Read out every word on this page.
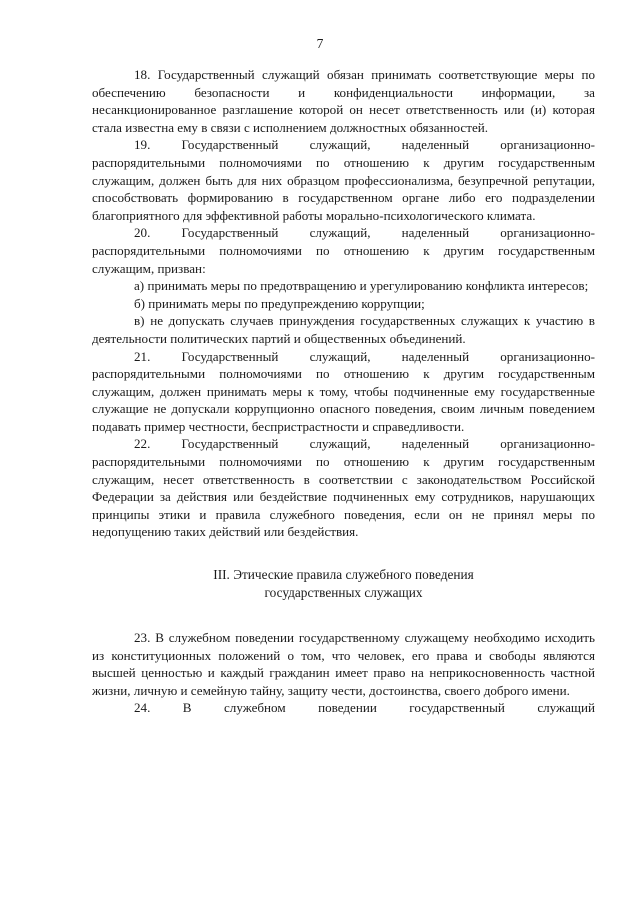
7

18. Государственный служащий обязан принимать соответствующие меры по обеспечению безопасности и конфиденциальности информации, за несанкционированное разглашение которой он несет ответственность или (и) которая стала известна ему в связи с исполнением должностных обязанностей.

19. Государственный служащий, наделенный организационно-распорядительными полномочиями по отношению к другим государственным служащим, должен быть для них образцом профессионализма, безупречной репутации, способствовать формированию в государственном органе либо его подразделении благоприятного для эффективной работы морально-психологического климата.

20. Государственный служащий, наделенный организационно-распорядительными полномочиями по отношению к другим государственным служащим, призван:

а) принимать меры по предотвращению и урегулированию конфликта интересов;

б) принимать меры по предупреждению коррупции;

в) не допускать случаев принуждения государственных служащих к участию в деятельности политических партий и общественных объединений.

21. Государственный служащий, наделенный организационно-распорядительными полномочиями по отношению к другим государственным служащим, должен принимать меры к тому, чтобы подчиненные ему государственные служащие не допускали коррупционно опасного поведения, своим личным поведением подавать пример честности, беспристрастности и справедливости.

22. Государственный служащий, наделенный организационно-распорядительными полномочиями по отношению к другим государственным служащим, несет ответственность в соответствии с законодательством Российской Федерации за действия или бездействие подчиненных ему сотрудников, нарушающих принципы этики и правила служебного поведения, если он не принял меры по недопущению таких действий или бездействия.

III. Этические правила служебного поведения
государственных служащих

23. В служебном поведении государственному служащему необходимо исходить из конституционных положений о том, что человек, его права и свободы являются высшей ценностью и каждый гражданин имеет право на неприкосновенность частной жизни, личную и семейную тайну, защиту чести, достоинства, своего доброго имени.

24. В служебном поведении государственный служащий
